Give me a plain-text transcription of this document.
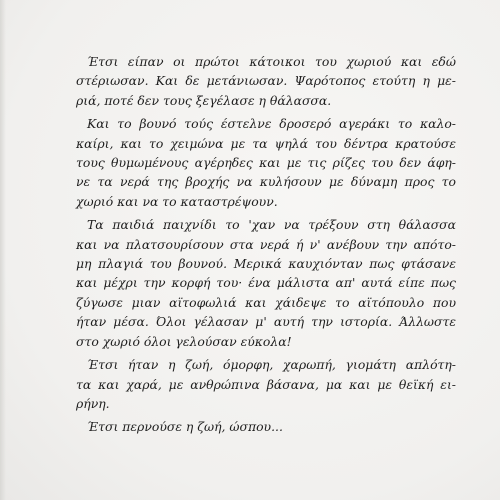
Έτσι είπαν οι πρώτοι κάτοικοι του χωριού και εδώ
στέριωσαν. Και δε μετάνιωσαν. Ψαρότοπος ετούτη η με-
ριά, ποτέ δεν τους ξεγέλασε η θάλασσα.

Και το βουνό τούς έστελνε δροσερό αγεράκι το καλο-
καίρι, και το χειμώνα με τα ψηλά του δέντρα κρατούσε
τους θυμωμένους αγέρηδες και με τις ρίζες του δεν άφη-
νε τα νερά της βροχής να κυλήσουν με δύναμη προς το
χωριό και να το καταστρέψουν.

Τα παιδιά παιχνίδι το 'χαν να τρέξουν στη θάλασσα
και να πλατσουρίσουν στα νερά ή ν' ανέβουν την απότο-
μη πλαγιά του βουνού. Μερικά καυχιόνταν πως φτάσανε
και μέχρι την κορφή του· ένα μάλιστα απ' αυτά είπε πως
ζύγωσε μιαν αϊτοφωλιά και χάιδεψε το αϊτόπουλο που
ήταν μέσα. Όλοι γέλασαν μ' αυτή την ιστορία. Άλλωστε
στο χωριό όλοι γελούσαν εύκολα!

Έτσι ήταν η ζωή, όμορφη, χαρωπή, γιομάτη απλότη-
τα και χαρά, με ανθρώπινα βάσανα, μα και με θεϊκή ει-
ρήνη.

Έτσι περνούσε η ζωή, ώσπου...
